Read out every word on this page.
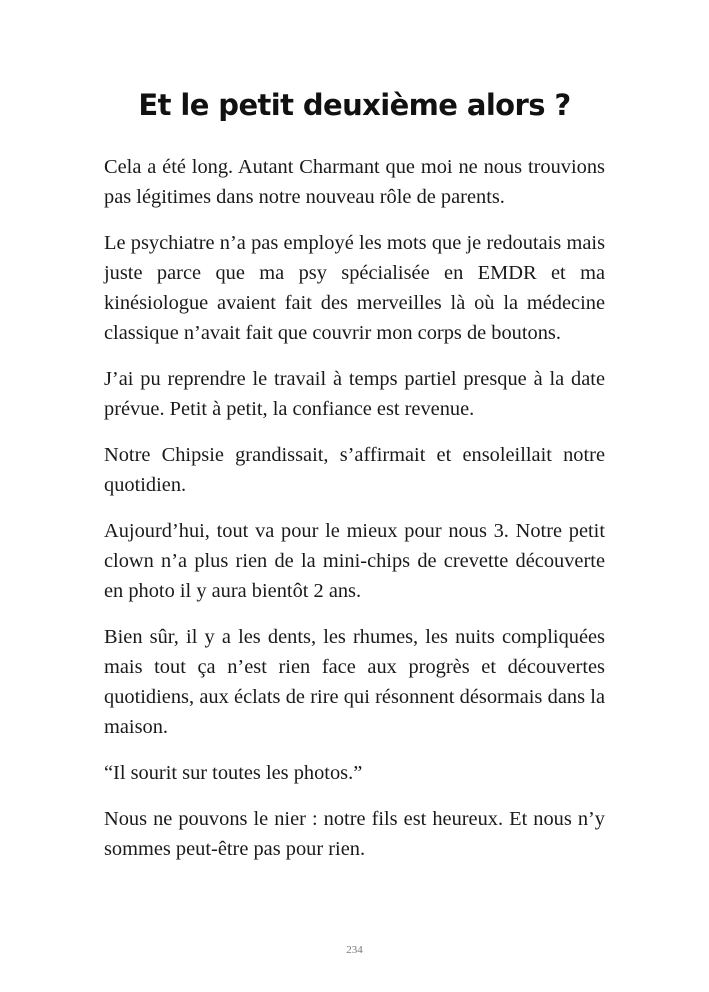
Et le petit deuxième alors ?

Cela a été long. Autant Charmant que moi ne nous trouvions pas légitimes dans notre nouveau rôle de parents.

Le psychiatre n’a pas employé les mots que je redoutais mais juste parce que ma psy spécialisée en EMDR et ma kinésiologue avaient fait des merveilles là où la médecine classique n’avait fait que couvrir mon corps de boutons.

J’ai pu reprendre le travail à temps partiel presque à la date prévue. Petit à petit, la confiance est revenue.

Notre Chipsie grandissait, s’affirmait et ensoleillait notre quotidien.

Aujourd’hui, tout va pour le mieux pour nous 3. Notre petit clown n’a plus rien de la mini-chips de crevette découverte en photo il y aura bientôt 2 ans.

Bien sûr, il y a les dents, les rhumes, les nuits compliquées mais tout ça n’est rien face aux progrès et découvertes quotidiens, aux éclats de rire qui résonnent désormais dans la maison.

“Il sourit sur toutes les photos.”

Nous ne pouvons le nier : notre fils est heureux. Et nous n’y sommes peut-être pas pour rien.

234
